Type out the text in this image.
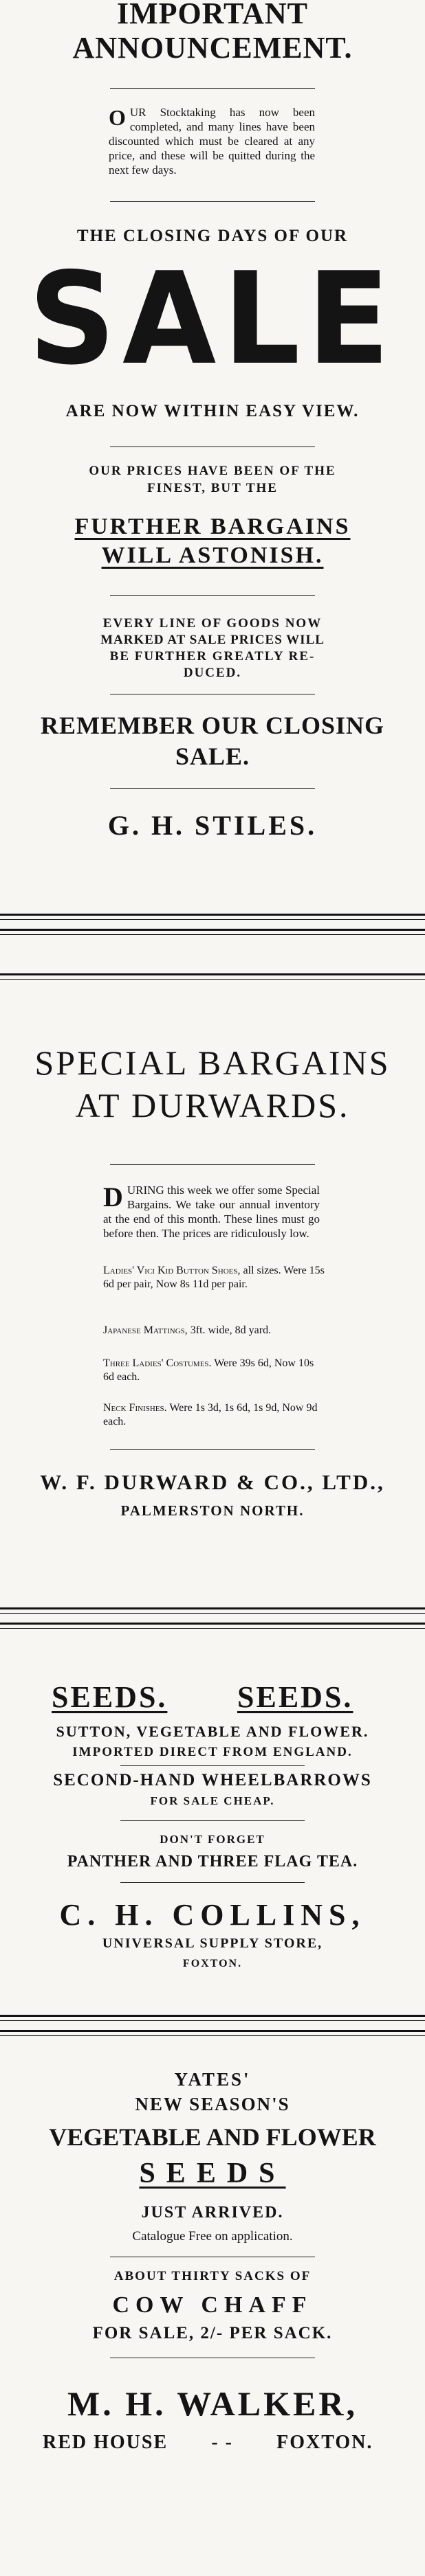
IMPORTANT
ANNOUNCEMENT.
O UR Stocktaking has now been completed, and many lines have been discounted which must be cleared at any price, and these will be quitted during the next few days.
THE CLOSING DAYS OF OUR
SALE
ARE NOW WITHIN EASY VIEW.
OUR PRICES HAVE BEEN OF THE
FINEST, BUT THE
FURTHER BARGAINS
WILL ASTONISH.
EVERY LINE OF GOODS NOW
MARKED AT SALE PRICES WILL
BE FURTHER GREATLY RE-
DUCED.
REMEMBER OUR CLOSING
SALE.
G. H. STILES.
SPECIAL BARGAINS
AT DURWARDS.
D URING this week we offer some Special Bargains. We take our annual inventory at the end of this month. These lines must go before then. The prices are ridiculously low.
Ladies' Vici Kid Button Shoes, all sizes. Were 15s 6d per pair, Now 8s 11d per pair.
Japanese Mattings, 3ft. wide, 8d yard.
Three Ladies' Costumes. Were 39s 6d, Now 10s 6d each.
Neck Finishes. Were 1s 3d, 1s 6d, 1s 9d, Now 9d each.
W. F. DURWARD & CO., LTD.,
PALMERSTON NORTH.
SEEDS. SEEDS.
SUTTON, VEGETABLE AND FLOWER.
IMPORTED DIRECT FROM ENGLAND.
SECOND-HAND WHEELBARROWS
FOR SALE CHEAP.
DON'T FORGET
PANTHER AND THREE FLAG TEA.
C. H. COLLINS,
UNIVERSAL SUPPLY STORE,
FOXTON.
YATES'
NEW SEASON'S
VEGETABLE AND FLOWER
SEEDS
JUST ARRIVED.
Catalogue Free on application.
ABOUT THIRTY SACKS OF
COW CHAFF
FOR SALE, 2/- PER SACK.
M. H. WALKER,
RED HOUSE - - FOXTON.
